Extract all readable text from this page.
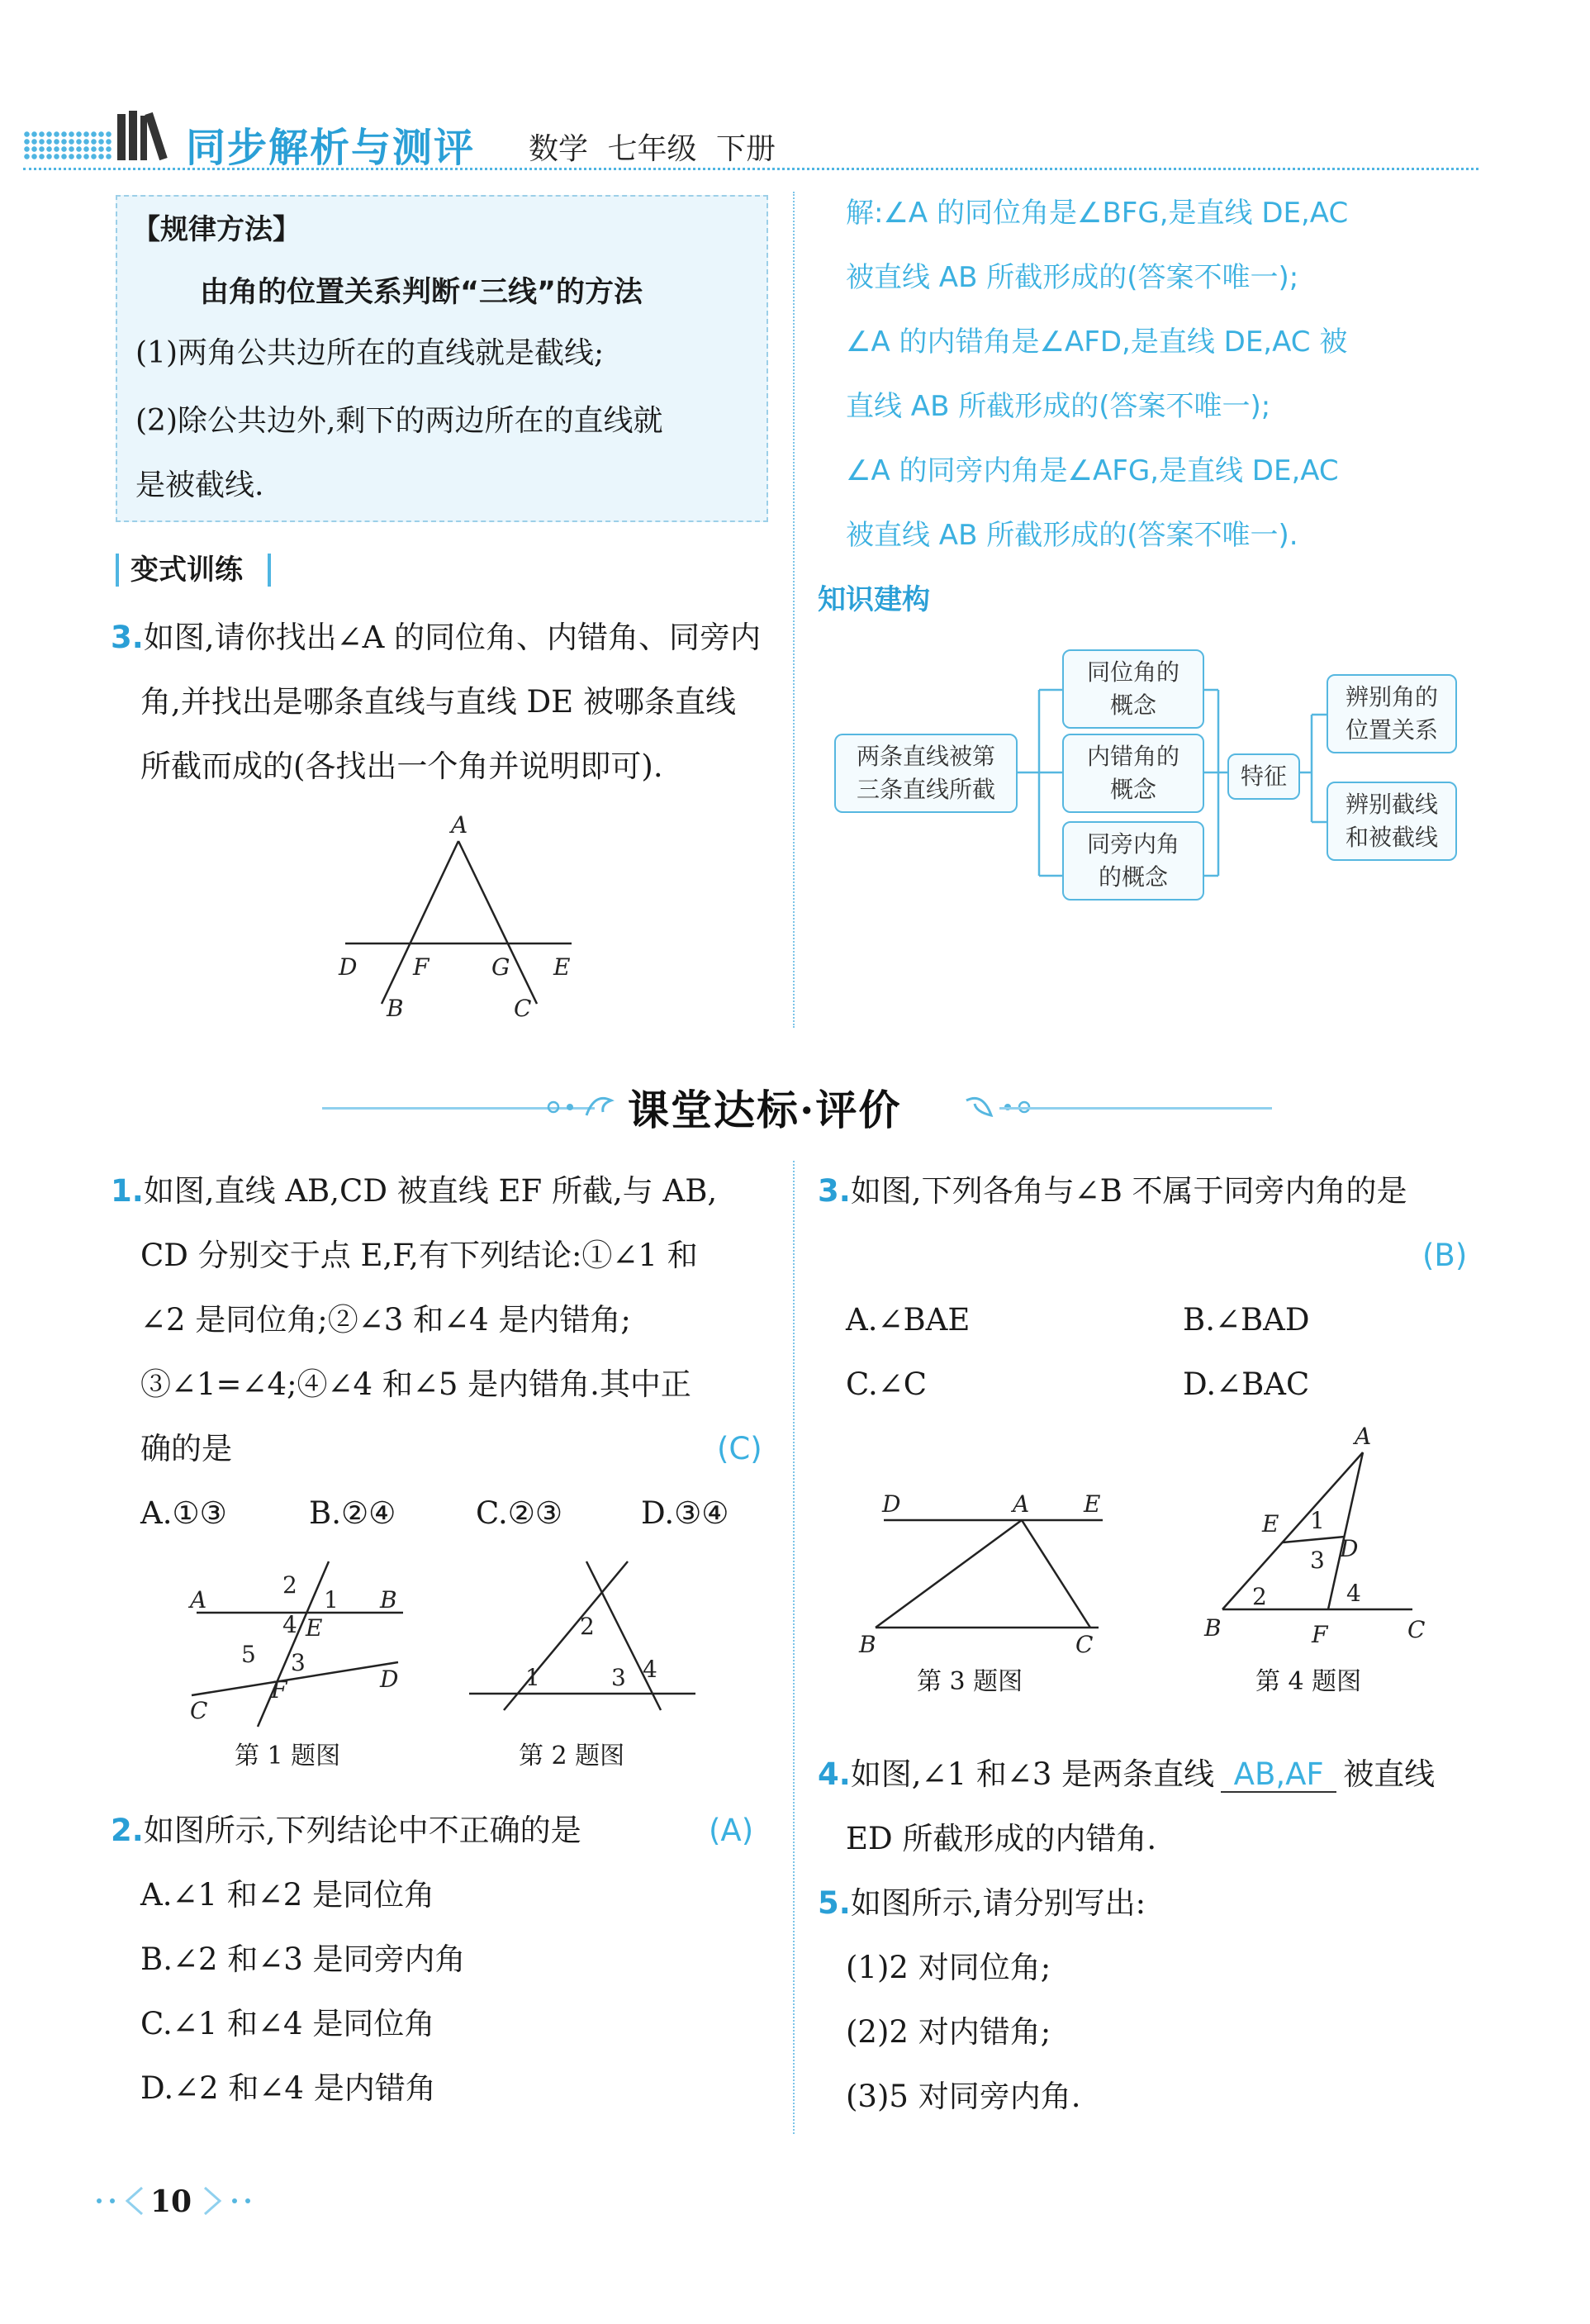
同步解析与测评 数学 七年级 下册
【规律方法】
由角的位置关系判断“三线”的方法
(1)两角公共边所在的直线就是截线;
(2)除公共边外,剩下的两边所在的直线就
是被截线.
变式训练
3.如图,请你找出∠A 的同位角、内错角、同旁内
角,并找出是哪条直线与直线 DE 被哪条直线
所截而成的(各找出一个角并说明即可).
A
D F	G E
B	C
解:∠A 的同位角是∠BFG,是直线 DE,AC
被直线 AB 所截形成的(答案不唯一);
∠A 的内错角是∠AFD,是直线 DE,AC 被
直线 AB 所截形成的(答案不唯一);
∠A 的同旁内角是∠AFG,是直线 DE,AC
被直线 AB 所截形成的(答案不唯一).
知识建构
两条直线被第
三条直线所截
同位角的
概念
内错角的
概念
同旁内角
的概念
特征
辨别角的
位置关系
辨别截线
和被截线
课堂达标·评价
1.如图,直线 AB,CD 被直线 EF 所截,与 AB,
CD 分别交于点 E,F,有下列结论:①∠1 和
∠2 是同位角;②∠3 和∠4 是内错角;
③∠1=∠4;④∠4 和∠5 是内错角.其中正
确的是	(C)
A.①③	B.②④	C.②③	D.③④
A	B
C
D
E
F
1
2
3
4
5
第 1 题图
1
2
3 4
第 2 题图
2.如图所示,下列结论中不正确的是	(A)
A.∠1 和∠2 是同位角
B.∠2 和∠3 是同旁内角
C.∠1 和∠4 是同位角
D.∠2 和∠4 是内错角
3.如图,下列各角与∠B 不属于同旁内角的是
(B)
A.∠BAE	B.∠BAD
C.∠C	D.∠BAC
D	A E
B	C
第 3 题图
A
E 1
D
3
2	4
B	F	C
第 4 题图
4.如图,∠1 和∠3 是两条直线 AB,AF 被直线
ED 所截形成的内错角.
5.如图所示,请分别写出:
(1)2 对同位角;
(2)2 对内错角;
(3)5 对同旁内角.
10
